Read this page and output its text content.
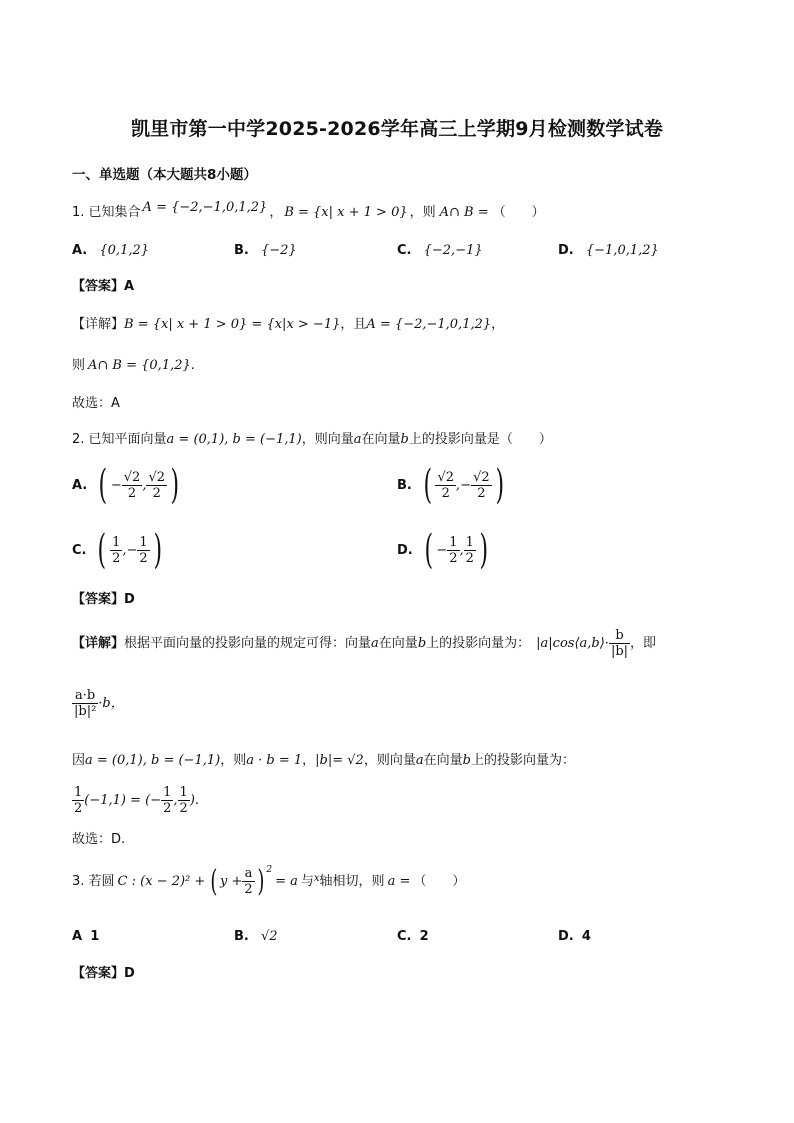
凯里市第一中学2025-2026学年高三上学期9月检测数学试卷
一、单选题（本大题共8小题）
1. 已知集合 A = {−2,−1,0,1,2} ， B = {x| x + 1 > 0} ，则 A∩ B = （　　）
A. {0,1,2}	B. {−2}	C. {−2,−1}	D. {−1,0,1,2}
【答案】A
【详解】B = {x| x + 1 > 0} = {x|x > −1}，且A = {−2,−1,0,1,2}，
则 A∩ B = {0,1,2}.
故选：A
2. 已知平面向量a = (0,1), b = (−1,1)，则向量a在向量b上的投影向量是（　　）
A. ( − $\frac{√2}{2}$ , $\frac{√2}{2}$ )	B. ( $\frac{√2}{2}$ , − $\frac{√2}{2}$ )
C. ( $\frac{1}{2}$ , − $\frac{1}{2}$ )	D. ( − $\frac{1}{2}$ , $\frac{1}{2}$ )
【答案】D
【详解】 根据平面向量的投影向量的规定可得：向量 a 在向量 b 上的投影向量为： |a|cos⟨a,b⟩· $\frac{b}{|b|}$ ，即
$\frac{a\cdot b}{\text{|b|²}} \cdot b$，
因a = (0,1), b = (−1,1)，则a · b = 1，|b|= √2，则向量a在向量b上的投影向量为：
$\frac{1}{2} (-1,1)$ = (− $\frac{1}{2}$ , $\frac{1}{2}$ ).
故选：D.
3. 若圆 C : (x − 2)² + ( $y + \frac{a}{2}$ ) 2
= a 与 x 轴相切，则 a = （　　）
A 1	B. √2	C. 2	D. 4
【答案】D
